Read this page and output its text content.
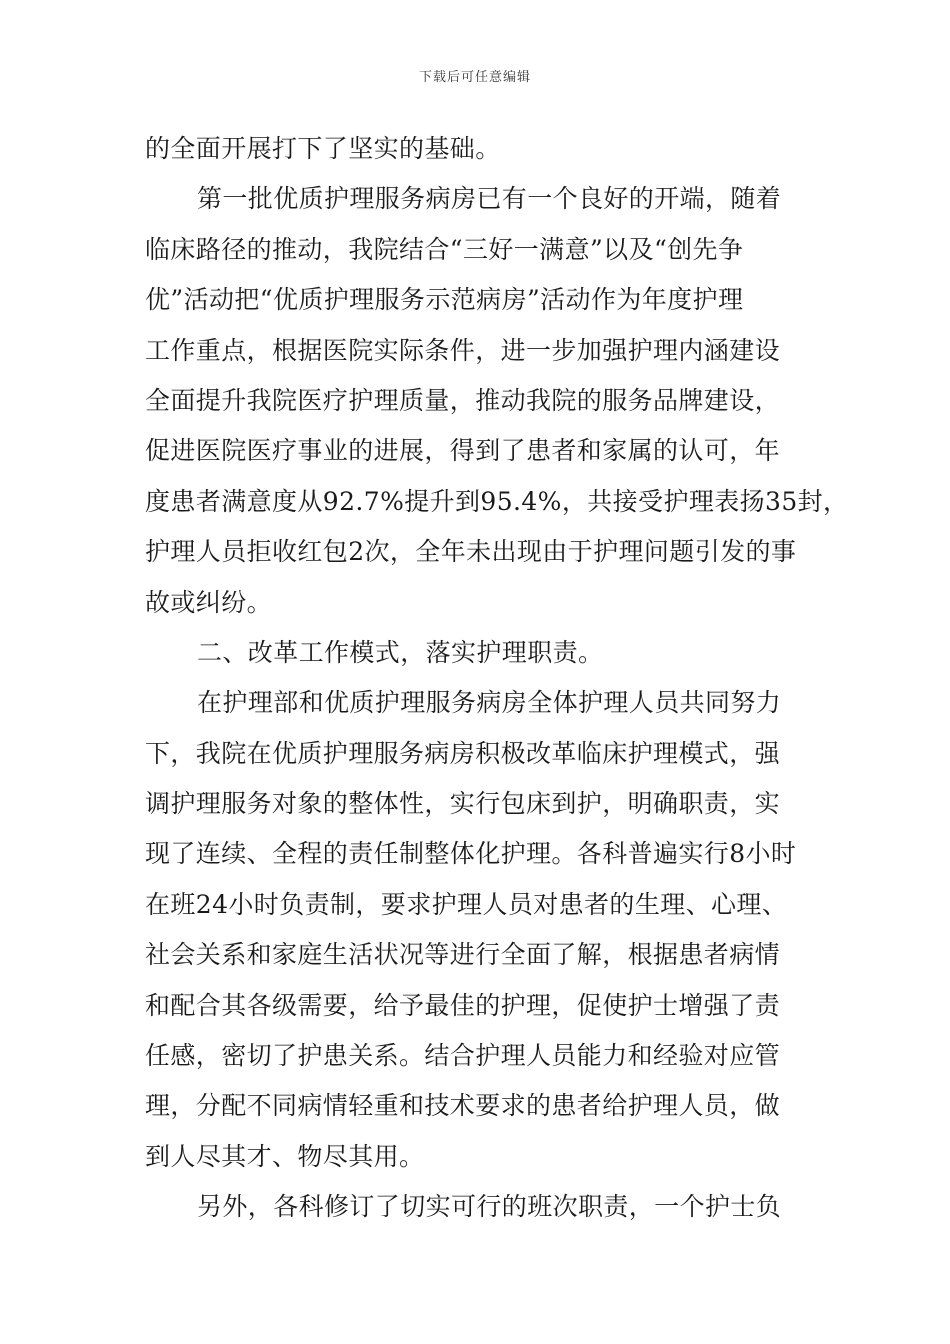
下载后可任意编辑
的全面开展打下了坚实的基础。
第一批优质护理服务病房已有一个良好的开端，随着
临床路径的推动，我院结合“三好一满意”以及“创先争
优”活动把“优质护理服务示范病房”活动作为年度护理
工作重点，根据医院实际条件，进一步加强护理内涵建设
全面提升我院医疗护理质量，推动我院的服务品牌建设，
促进医院医疗事业的进展，得到了患者和家属的认可，年
度患者满意度从92.7%提升到95.4%，共接受护理表扬35封，
护理人员拒收红包2次，全年未出现由于护理问题引发的事
故或纠纷。
二、改革工作模式，落实护理职责。
在护理部和优质护理服务病房全体护理人员共同努力
下，我院在优质护理服务病房积极改革临床护理模式，强
调护理服务对象的整体性，实行包床到护，明确职责，实
现了连续、全程的责任制整体化护理。各科普遍实行8小时
在班24小时负责制，要求护理人员对患者的生理、心理、
社会关系和家庭生活状况等进行全面了解，根据患者病情
和配合其各级需要，给予最佳的护理，促使护士增强了责
任感，密切了护患关系。结合护理人员能力和经验对应管
理，分配不同病情轻重和技术要求的患者给护理人员，做
到人尽其才、物尽其用。
另外，各科修订了切实可行的班次职责，一个护士负
